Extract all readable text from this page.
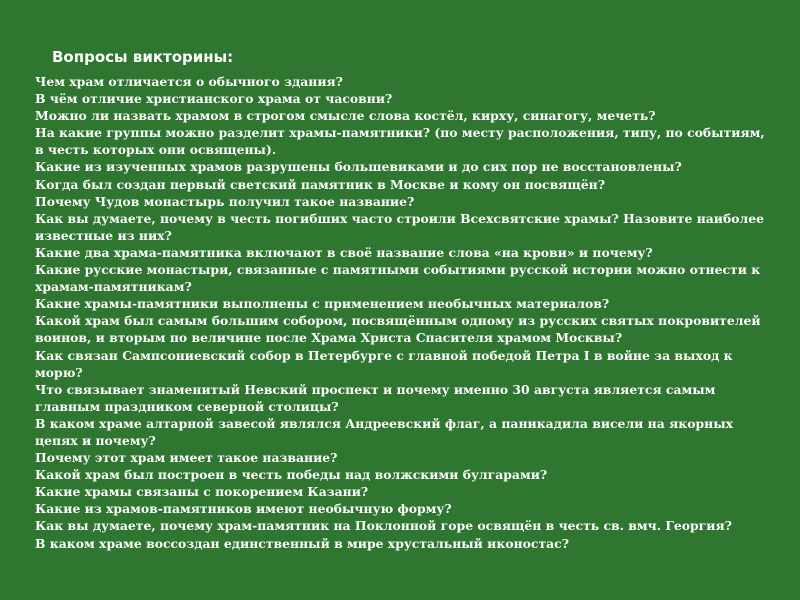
Вопросы викторины:
Чем храм отличается о обычного здания?
В чём отличие христианского храма от часовни?
Можно ли назвать храмом в строгом смысле слова костёл, кирху, синагогу, мечеть?
На какие группы можно разделит храмы-памятники? (по месту расположения, типу, по событиям, в честь которых они освящены).
Какие из изученных храмов разрушены большевиками и до сих пор не восстановлены?
Когда был создан первый светский памятник в Москве и кому он посвящён?
Почему Чудов монастырь получил такое название?
Как вы думаете, почему в честь погибших часто строили Всехсвятские храмы? Назовите наиболее известные из них?
Какие два храма-памятника включают в своё название слова «на крови» и почему?
Какие русские монастыри, связанные с памятными событиями русской истории можно отнести к храмам-памятникам?
Какие храмы-памятники выполнены с применением необычных материалов?
Какой храм был самым большим собором, посвящённым одному из русских святых покровителей воинов, и вторым по величине после Храма Христа Спасителя храмом Москвы?
Как связан Сампсониевский собор в Петербурге с главной победой Петра I в войне за выход к морю?
Что связывает знаменитый Невский проспект и почему именно 30 августа является самым главным праздником северной столицы?
В каком храме алтарной завесой являлся Андреевский флаг, а паникадила висели на якорных цепях и почему?
Почему этот храм имеет такое название?
Какой храм был построен в честь победы над волжскими булгарами?
Какие храмы связаны с покорением Казани?
Какие из храмов-памятников имеют необычную форму?
Как вы думаете, почему храм-памятник на Поклонной горе освящён в честь св. вмч. Георгия?
В каком храме воссоздан единственный в мире хрустальный иконостас?
